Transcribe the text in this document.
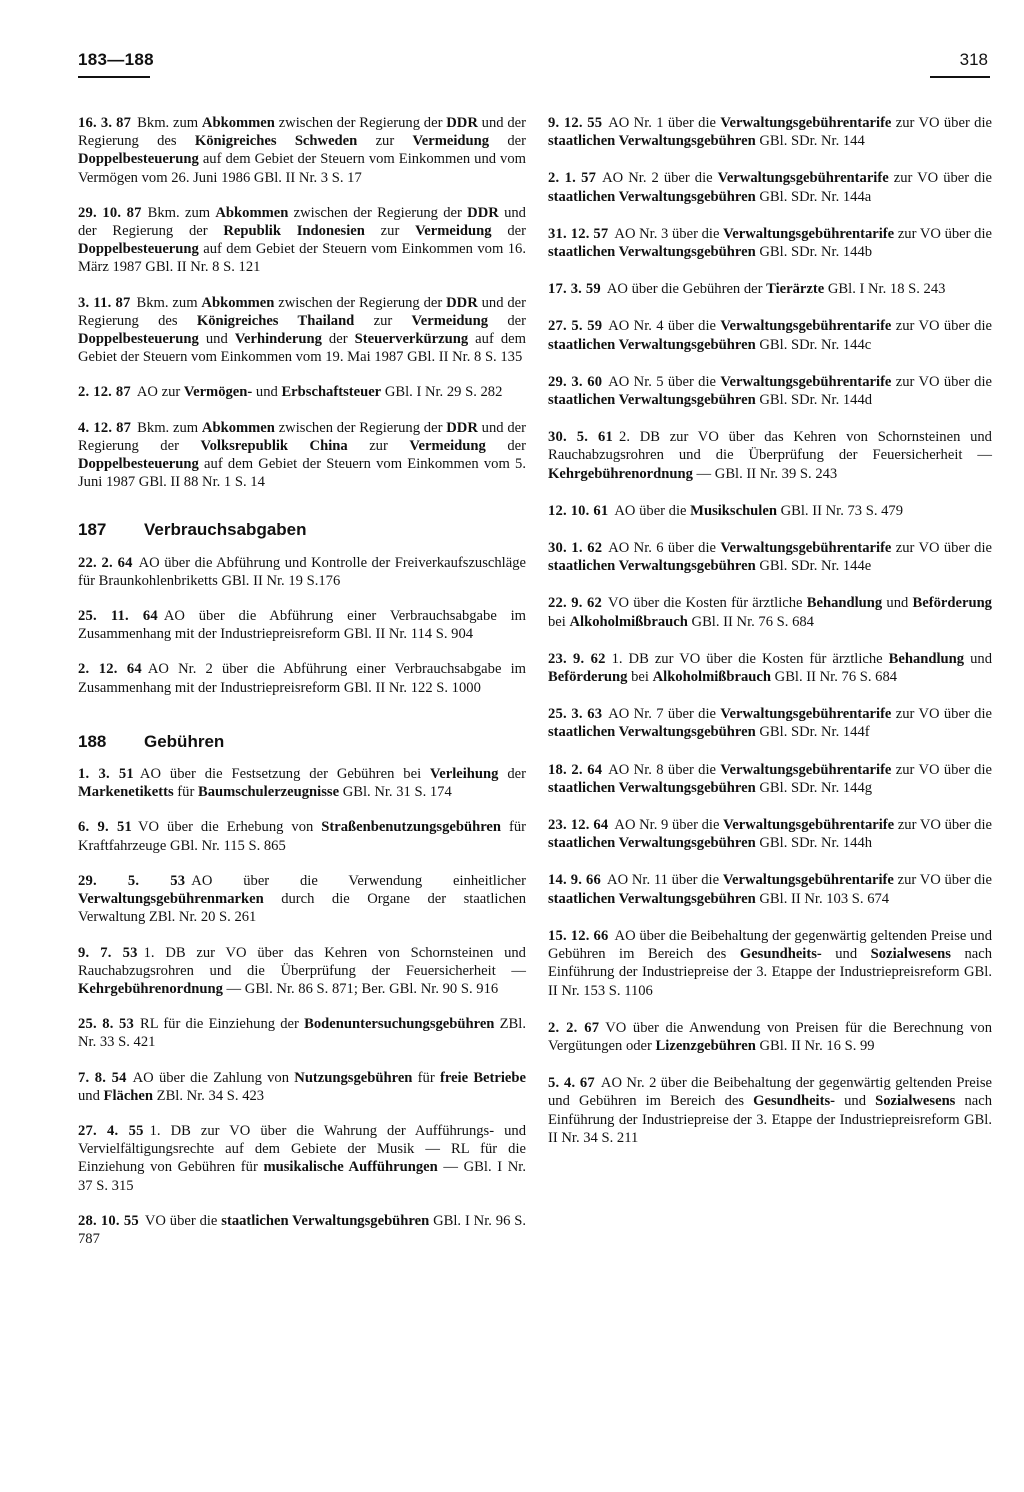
183—188	318

16. 3. 87 Bkm. zum Abkommen zwischen der Regierung der DDR und der Regierung des Königreiches Schweden zur Vermeidung der Doppelbesteuerung auf dem Gebiet der Steuern vom Einkommen und vom Vermögen vom 26. Juni 1986 GBl. II Nr. 3 S. 17

29. 10. 87 Bkm. zum Abkommen zwischen der Regierung der DDR und der Regierung der Republik Indonesien zur Vermeidung der Doppelbesteuerung auf dem Gebiet der Steuern vom Einkommen vom 16. März 1987 GBl. II Nr. 8 S. 121

3. 11. 87 Bkm. zum Abkommen zwischen der Regierung der DDR und der Regierung des Königreiches Thailand zur Vermeidung der Doppelbesteuerung und Verhinderung der Steuerverkürzung auf dem Gebiet der Steuern vom Einkommen vom 19. Mai 1987 GBl. II Nr. 8 S. 135

2. 12. 87 AO zur Vermögen- und Erbschaftsteuer GBl. I Nr. 29 S. 282

4. 12. 87 Bkm. zum Abkommen zwischen der Regierung der DDR und der Regierung der Volksrepublik China zur Vermeidung der Doppelbesteuerung auf dem Gebiet der Steuern vom Einkommen vom 5. Juni 1987 GBl. II 88 Nr. 1 S. 14

187 Verbrauchsabgaben

22. 2. 64 AO über die Abführung und Kontrolle der Freiverkaufszuschläge für Braunkohlenbriketts GBl. II Nr. 19 S.176

25. 11. 64 AO über die Abführung einer Verbrauchsabgabe im Zusammenhang mit der Industriepreisreform GBl. II Nr. 114 S. 904

2. 12. 64 AO Nr. 2 über die Abführung einer Verbrauchsabgabe im Zusammenhang mit der Industriepreisreform GBl. II Nr. 122 S. 1000

188 Gebühren

1. 3. 51 AO über die Festsetzung der Gebühren bei Verleihung der Markenetiketts für Baumschulerzeugnisse GBl. Nr. 31 S. 174

6. 9. 51 VO über die Erhebung von Straßenbenutzungsgebühren für Kraftfahrzeuge GBl. Nr. 115 S. 865

29. 5. 53 AO über die Verwendung einheitlicher Verwaltungsgebührenmarken durch die Organe der staatlichen Verwaltung ZBl. Nr. 20 S. 261

9. 7. 53 1. DB zur VO über das Kehren von Schornsteinen und Rauchabzugsrohren und die Überprüfung der Feuersicherheit — Kehrgebührenordnung — GBl. Nr. 86 S. 871; Ber. GBl. Nr. 90 S. 916

25. 8. 53 RL für die Einziehung der Bodenuntersuchungsgebühren ZBl. Nr. 33 S. 421

7. 8. 54 AO über die Zahlung von Nutzungsgebühren für freie Betriebe und Flächen ZBl. Nr. 34 S. 423

27. 4. 55 1. DB zur VO über die Wahrung der Aufführungs- und Vervielfältigungsrechte auf dem Gebiete der Musik — RL für die Einziehung von Gebühren für musikalische Aufführungen — GBl. I Nr. 37 S. 315

28. 10. 55 VO über die staatlichen Verwaltungsgebühren GBl. I Nr. 96 S. 787

9. 12. 55 AO Nr. 1 über die Verwaltungsgebührentarife zur VO über die staatlichen Verwaltungsgebühren GBl. SDr. Nr. 144

2. 1. 57 AO Nr. 2 über die Verwaltungsgebührentarife zur VO über die staatlichen Verwaltungsgebühren GBl. SDr. Nr. 144a

31. 12. 57 AO Nr. 3 über die Verwaltungsgebührentarife zur VO über die staatlichen Verwaltungsgebühren GBl. SDr. Nr. 144b

17. 3. 59 AO über die Gebühren der Tierärzte GBl. I Nr. 18 S. 243

27. 5. 59 AO Nr. 4 über die Verwaltungsgebührentarife zur VO über die staatlichen Verwaltungsgebühren GBl. SDr. Nr. 144c

29. 3. 60 AO Nr. 5 über die Verwaltungsgebührentarife zur VO über die staatlichen Verwaltungsgebühren GBl. SDr. Nr. 144d

30. 5. 61 2. DB zur VO über das Kehren von Schornsteinen und Rauchabzugsrohren und die Überprüfung der Feuersicherheit — Kehrgebührenordnung — GBl. II Nr. 39 S. 243

12. 10. 61 AO über die Musikschulen GBl. II Nr. 73 S. 479

30. 1. 62 AO Nr. 6 über die Verwaltungsgebührentarife zur VO über die staatlichen Verwaltungsgebühren GBl. SDr. Nr. 144e

22. 9. 62 VO über die Kosten für ärztliche Behandlung und Beförderung bei Alkoholmißbrauch GBl. II Nr. 76 S. 684

23. 9. 62 1. DB zur VO über die Kosten für ärztliche Behandlung und Beförderung bei Alkoholmißbrauch GBl. II Nr. 76 S. 684

25. 3. 63 AO Nr. 7 über die Verwaltungsgebührentarife zur VO über die staatlichen Verwaltungsgebühren GBl. SDr. Nr. 144f

18. 2. 64 AO Nr. 8 über die Verwaltungsgebührentarife zur VO über die staatlichen Verwaltungsgebühren GBl. SDr. Nr. 144g

23. 12. 64 AO Nr. 9 über die Verwaltungsgebührentarife zur VO über die staatlichen Verwaltungsgebühren GBl. SDr. Nr. 144h

14. 9. 66 AO Nr. 11 über die Verwaltungsgebührentarife zur VO über die staatlichen Verwaltungsgebühren GBl. II Nr. 103 S. 674

15. 12. 66 AO über die Beibehaltung der gegenwärtig geltenden Preise und Gebühren im Bereich des Gesundheits- und Sozialwesens nach Einführung der Industriepreise der 3. Etappe der Industriepreisreform GBl. II Nr. 153 S. 1106

2. 2. 67 VO über die Anwendung von Preisen für die Berechnung von Vergütungen oder Lizenzgebühren GBl. II Nr. 16 S. 99

5. 4. 67 AO Nr. 2 über die Beibehaltung der gegenwärtig geltenden Preise und Gebühren im Bereich des Gesundheits- und Sozialwesens nach Einführung der Industriepreise der 3. Etappe der Industriepreisreform GBl. II Nr. 34 S. 211
